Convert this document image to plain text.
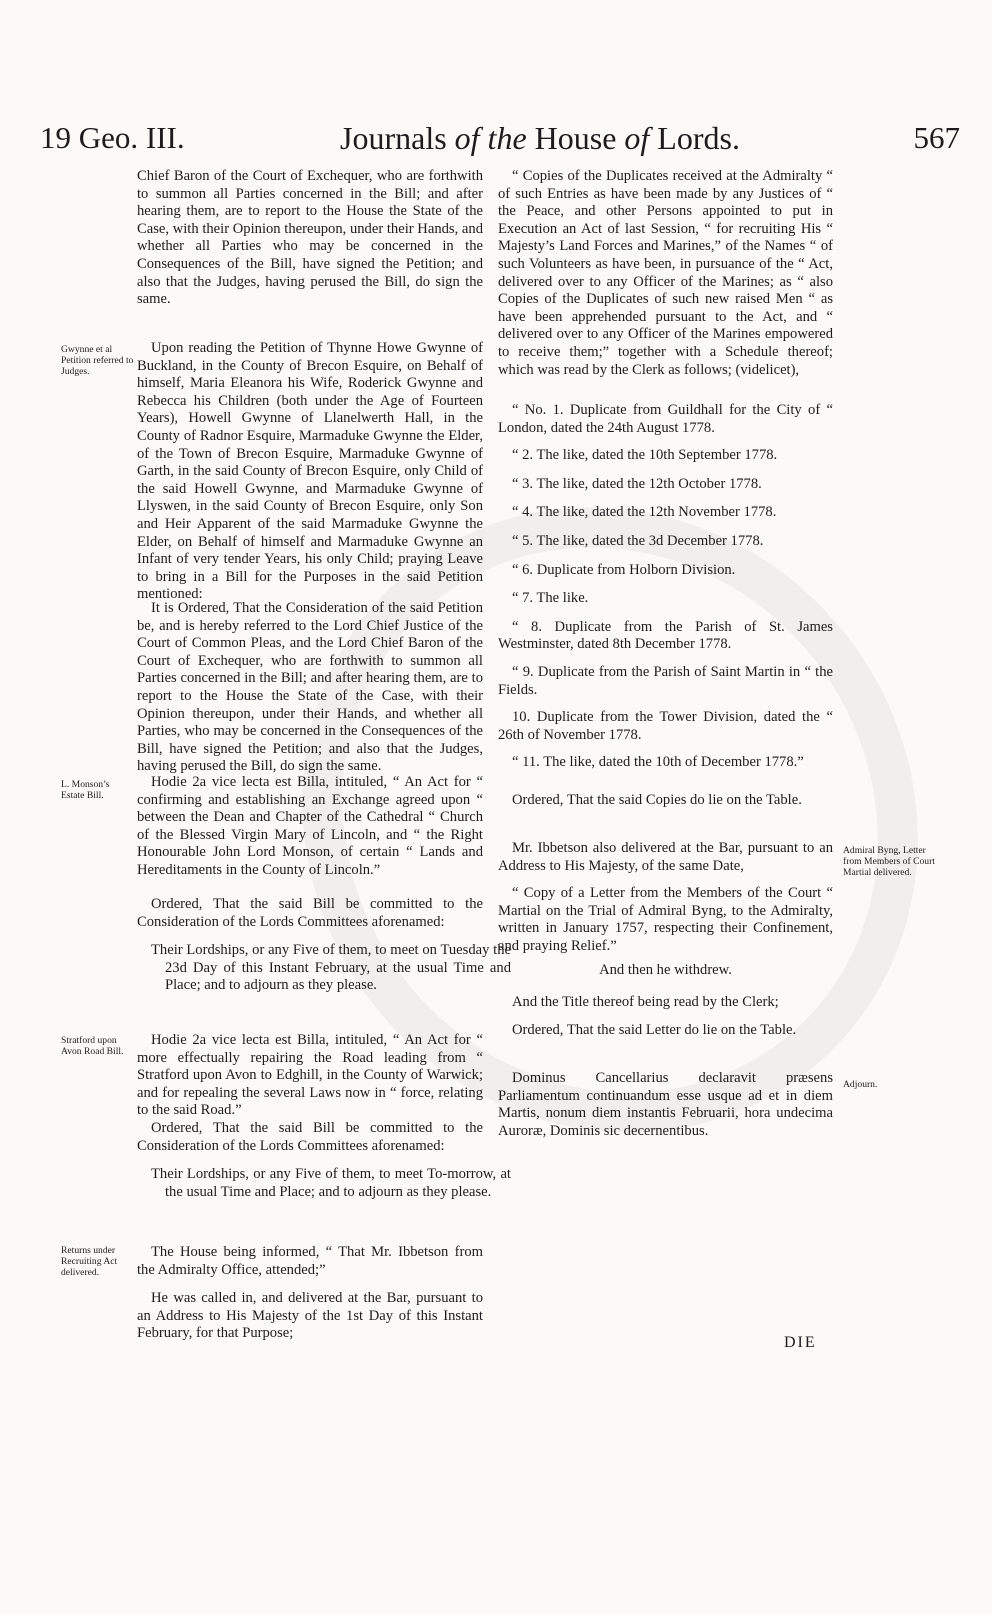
19 Geo. III.	Journals of the House of Lords.	567

Chief Baron of the Court of Exchequer, who are forthwith to summon all Parties concerned in the Bill; and after hearing them, are to report to the House the State of the Case, with their Opinion thereupon, under their Hands, and whether all Parties who may be concerned in the Consequences of the Bill, have signed the Petition; and also that the Judges, having perused the Bill, do sign the same.

Upon reading the Petition of Thynne Howe Gwynne of Buckland, in the County of Brecon Esquire, on Behalf of himself, Maria Eleanora his Wife, Roderick Gwynne and Rebecca his Children (both under the Age of Fourteen Years), Howell Gwynne of Llanelwerth Hall, in the County of Radnor Esquire, Marmaduke Gwynne the Elder, of the Town of Brecon Esquire, Marmaduke Gwynne of Garth, in the said County of Brecon Esquire, only Child of the said Howell Gwynne, and Marmaduke Gwynne of Llyswen, in the said County of Brecon Esquire, only Son and Heir Apparent of the said Marmaduke Gwynne the Elder, on Behalf of himself and Marmaduke Gwynne an Infant of very tender Years, his only Child; praying Leave to bring in a Bill for the Purposes in the said Petition mentioned:

It is Ordered, That the Consideration of the said Petition be, and is hereby referred to the Lord Chief Justice of the Court of Common Pleas, and the Lord Chief Baron of the Court of Exchequer, who are forthwith to summon all Parties concerned in the Bill; and after hearing them, are to report to the House the State of the Case, with their Opinion thereupon, under their Hands, and whether all Parties, who may be concerned in the Consequences of the Bill, have signed the Petition; and also that the Judges, having perused the Bill, do sign the same.

Hodie 2a vice lecta est Billa, intituled, “ An Act for “ confirming and establishing an Exchange agreed upon “ between the Dean and Chapter of the Cathedral “ Church of the Blessed Virgin Mary of Lincoln, and “ the Right Honourable John Lord Monson, of certain “ Lands and Hereditaments in the County of Lincoln.”

Ordered, That the said Bill be committed to the Consideration of the Lords Committees aforenamed:

Their Lordships, or any Five of them, to meet on Tuesday the 23d Day of this Instant February, at the usual Time and Place; and to adjourn as they please.

Hodie 2a vice lecta est Billa, intituled, “ An Act for “ more effectually repairing the Road leading from “ Stratford upon Avon to Edghill, in the County of Warwick; and for repealing the several Laws now in “ force, relating to the said Road.”

Ordered, That the said Bill be committed to the Consideration of the Lords Committees aforenamed:

Their Lordships, or any Five of them, to meet To-morrow, at the usual Time and Place; and to adjourn as they please.

The House being informed, “ That Mr. Ibbetson from the Admiralty Office, attended;”

He was called in, and delivered at the Bar, pursuant to an Address to His Majesty of the 1st Day of this Instant February, for that Purpose;

“ Copies of the Duplicates received at the Admiralty “ of such Entries as have been made by any Justices of “ the Peace, and other Persons appointed to put in Execution an Act of last Session, “ for recruiting His “ Majesty’s Land Forces and Marines,” of the Names “ of such Volunteers as have been, in pursuance of the “ Act, delivered over to any Officer of the Marines; as “ also Copies of the Duplicates of such new raised Men “ as have been apprehended pursuant to the Act, and “ delivered over to any Officer of the Marines empowered to receive them;” together with a Schedule thereof; which was read by the Clerk as follows; (videlicet),

“ No. 1. Duplicate from Guildhall for the City of “ London, dated the 24th August 1778.

“ 2. The like, dated the 10th September 1778.

“ 3. The like, dated the 12th October 1778.

“ 4. The like, dated the 12th November 1778.

“ 5. The like, dated the 3d December 1778.

“ 6. Duplicate from Holborn Division.

“ 7. The like.

“ 8. Duplicate from the Parish of St. James Westminster, dated 8th December 1778.

“ 9. Duplicate from the Parish of Saint Martin in “ the Fields.

10. Duplicate from the Tower Division, dated the “ 26th of November 1778.

“ 11. The like, dated the 10th of December 1778.”

Ordered, That the said Copies do lie on the Table.

Mr. Ibbetson also delivered at the Bar, pursuant to an Address to His Majesty, of the same Date,

“ Copy of a Letter from the Members of the Court “ Martial on the Trial of Admiral Byng, to the Admiralty, written in January 1757, respecting their Confinement, and praying Relief.”

And then he withdrew.

And the Title thereof being read by the Clerk;

Ordered, That the said Letter do lie on the Table.

Dominus Cancellarius declaravit præsens Parliamentum continuandum esse usque ad et in diem Martis, nonum diem instantis Februarii, hora undecima Auroræ, Dominis sic decernentibus.

Gwynne et al Petition referred to Judges.
L. Monson’s Estate Bill.
Stratford upon Avon Road Bill.
Returns under Recruiting Act delivered.
Admiral Byng, Letter from Members of Court Martial delivered.
Adjourn.
DIE
